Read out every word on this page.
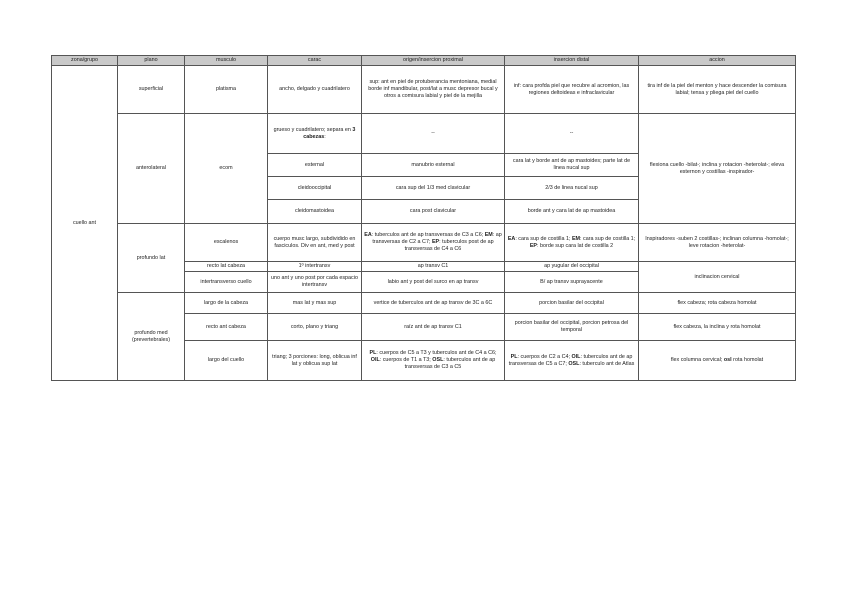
zona/grupo	plano	musculo	carac	origen/insercion proximal	insercion distal	accion
cuello ant	superficial	platisma	ancho, delgado y cuadrilatero	sup: ant en piel de protuberancia mentoniana, medial borde inf mandibular, post/lat a musc depresor bucal y otros a comisura labial y piel de la mejilla	inf: cara profda piel que recubre al acromion, las regiones deltoideas e infraclavicular	tira inf de la piel del menton y hace descender la comisura labial; tensa y pliega piel del cuello
	anterolateral	ecom	grueso y cuadrilatero; separa en 3 cabezas:	--	--	flexiona cuello -bilat-; inclina y rotacion -heterolat-; eleva esternon y costillas -inspirador-
			esternal	manubrio esternal	cara lat y borde ant de ap mastoides; parte lat de linea nucal sup	
			cleidooccipital	cara sup del 1/3 med clavicular	2/3 de linea nucal sup	
			cleidomastoidea	cara post clavicular	borde ant y cara lat de ap mastoidea	
	profundo lat	escalenos	cuerpo musc largo, subdividido en fasciculos. Div en ant, med y post	EA: tuberculos ant de ap transversas de C3 a C6; EM: ap transversas de C2 a C7; EP: tuberculos post de ap transversas de C4 a C6	EA: cara sup de costilla 1; EM: cara sup de costilla 1; EP: borde sup cara lat de costilla 2	Inspiradores -suben 2 costillas-; inclinan columna -homolat-; leve rotacion -heterolat-
		recto lat cabeza	1º intertransv	ap transv C1	ap yugular del occipital	inclinacion cervical
		intertransverso cuello	uno ant y uno post por cada espacio intertransv	labio ant y post del surco en ap transv	B/ ap transv suprayacente	
	profundo med (prevertebrales)	largo de la cabeza	mas lat y mas sup	vertice de tuberculos ant de ap transv de 3C a 6C	porcion basilar del occipital	flex cabeza; rota cabeza homolat
		recto ant cabeza	corto, plano y triang	raíz ant de ap transv C1	porcion basilar del occipital, porcion petrosa del temporal	flex cabeza, la inclina y rota homolat
		largo del cuello	triang; 3 porciones: long, oblicua inf lat y oblicua sup lat	PL: cuerpos de C5 a T3 y tuberculos ant de C4 a C6; OIL: cuerpos de T1 a T3; OSL: tuberculos ant de ap transversas de C3 a C5	PL: cuerpos de C2 a C4; OIL: tuberculos ant de ap transversas de C5 a C7; OSL: tuberculo ant de Atlas	flex columna cervical; osl rota homolat
